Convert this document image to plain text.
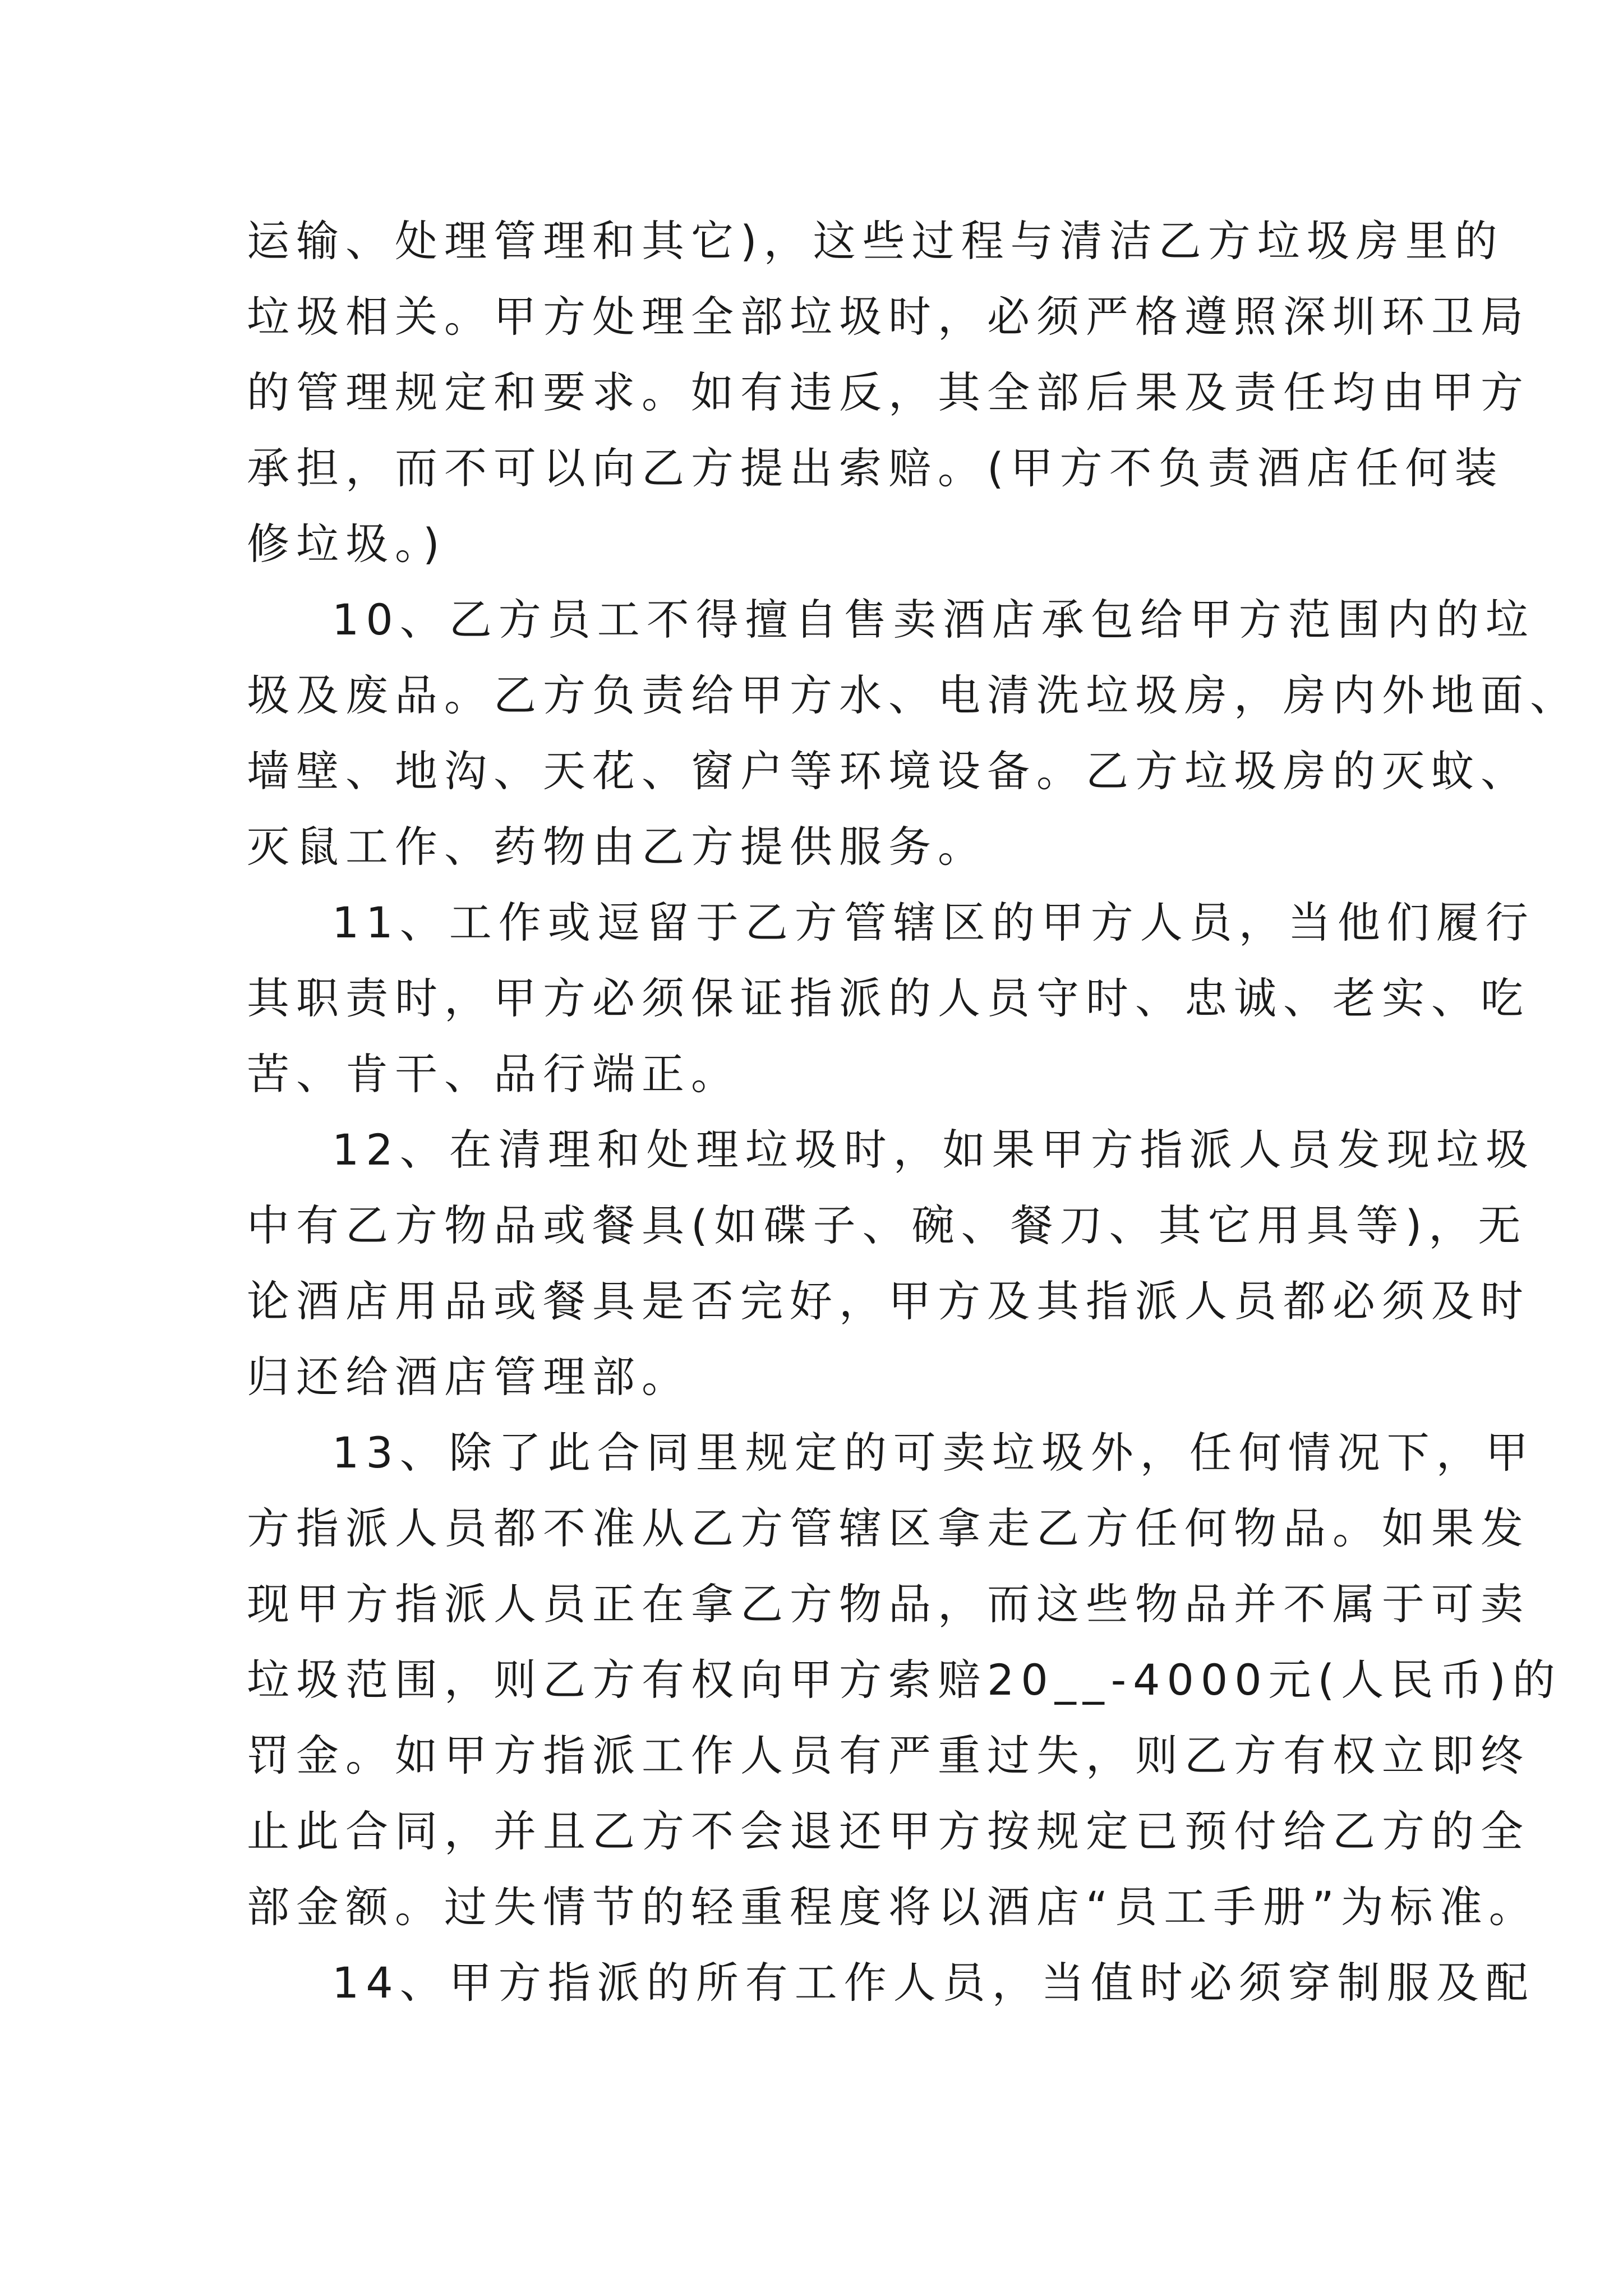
运输、处理管理和其它)，这些过程与清洁乙方垃圾房里的
垃圾相关。甲方处理全部垃圾时，必须严格遵照深圳环卫局
的管理规定和要求。如有违反，其全部后果及责任均由甲方
承担，而不可以向乙方提出索赔。(甲方不负责酒店任何装
修垃圾。)
10、乙方员工不得擅自售卖酒店承包给甲方范围内的垃
圾及废品。乙方负责给甲方水、电清洗垃圾房，房内外地面、
墙壁、地沟、天花、窗户等环境设备。乙方垃圾房的灭蚊、
灭鼠工作、药物由乙方提供服务。
11、工作或逗留于乙方管辖区的甲方人员，当他们履行
其职责时，甲方必须保证指派的人员守时、忠诚、老实、吃
苦、肯干、品行端正。
12、在清理和处理垃圾时，如果甲方指派人员发现垃圾
中有乙方物品或餐具(如碟子、碗、餐刀、其它用具等)，无
论酒店用品或餐具是否完好，甲方及其指派人员都必须及时
归还给酒店管理部。
13、除了此合同里规定的可卖垃圾外，任何情况下，甲
方指派人员都不准从乙方管辖区拿走乙方任何物品。如果发
现甲方指派人员正在拿乙方物品，而这些物品并不属于可卖
垃圾范围，则乙方有权向甲方索赔20__-4000元(人民币)的
罚金。如甲方指派工作人员有严重过失，则乙方有权立即终
止此合同，并且乙方不会退还甲方按规定已预付给乙方的全
部金额。过失情节的轻重程度将以酒店“员工手册”为标准。
14、甲方指派的所有工作人员，当值时必须穿制服及配
